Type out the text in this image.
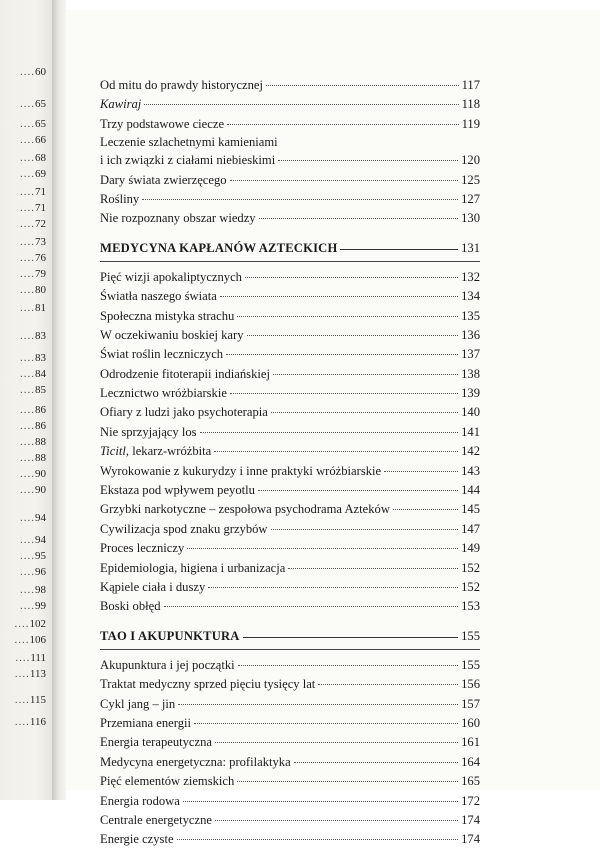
....60
....65
....65
....66
....68
....69
....71
....71
....72
....73
....76
....79
....80
....81
....83
....83
....84
....85
....86
....86
....88
....88
....90
....90
....94
....94
....95
....96
....98
....99
....102
....106
....111
....113
....115
....116
Od mitu do prawdy historycznej	117
Kawiraj	118
Trzy podstawowe ciecze	119
Leczenie szlachetnymi kamieniami
i ich związki z ciałami niebieskimi	120
Dary świata zwierzęcego	125
Rośliny	127
Nie rozpoznany obszar wiedzy	130
MEDYCYNA KAPŁANÓW AZTECKICH	131
Pięć wizji apokaliptycznych	132
Światła naszego świata	134
Społeczna mistyka strachu	135
W oczekiwaniu boskiej kary	136
Świat roślin leczniczych	137
Odrodzenie fitoterapii indiańskiej	138
Lecznictwo wróżbiarskie	139
Ofiary z ludzi jako psychoterapia	140
Nie sprzyjający los	141
Ticitl, lekarz-wróżbita	142
Wyrokowanie z kukurydzy i inne praktyki wróżbiarskie	143
Ekstaza pod wpływem peyotlu	144
Grzybki narkotyczne – zespołowa psychodrama Azteków	145
Cywilizacja spod znaku grzybów	147
Proces leczniczy	149
Epidemiologia, higiena i urbanizacja	152
Kąpiele ciała i duszy	152
Boski obłęd	153
TAO I AKUPUNKTURA	155
Akupunktura i jej początki	155
Traktat medyczny sprzed pięciu tysięcy lat	156
Cykl jang – jin	157
Przemiana energii	160
Energia terapeutyczna	161
Medycyna energetyczna: profilaktyka	164
Pięć elementów ziemskich	165
Energia rodowa	172
Centrale energetyczne	174
Energie czyste	174
